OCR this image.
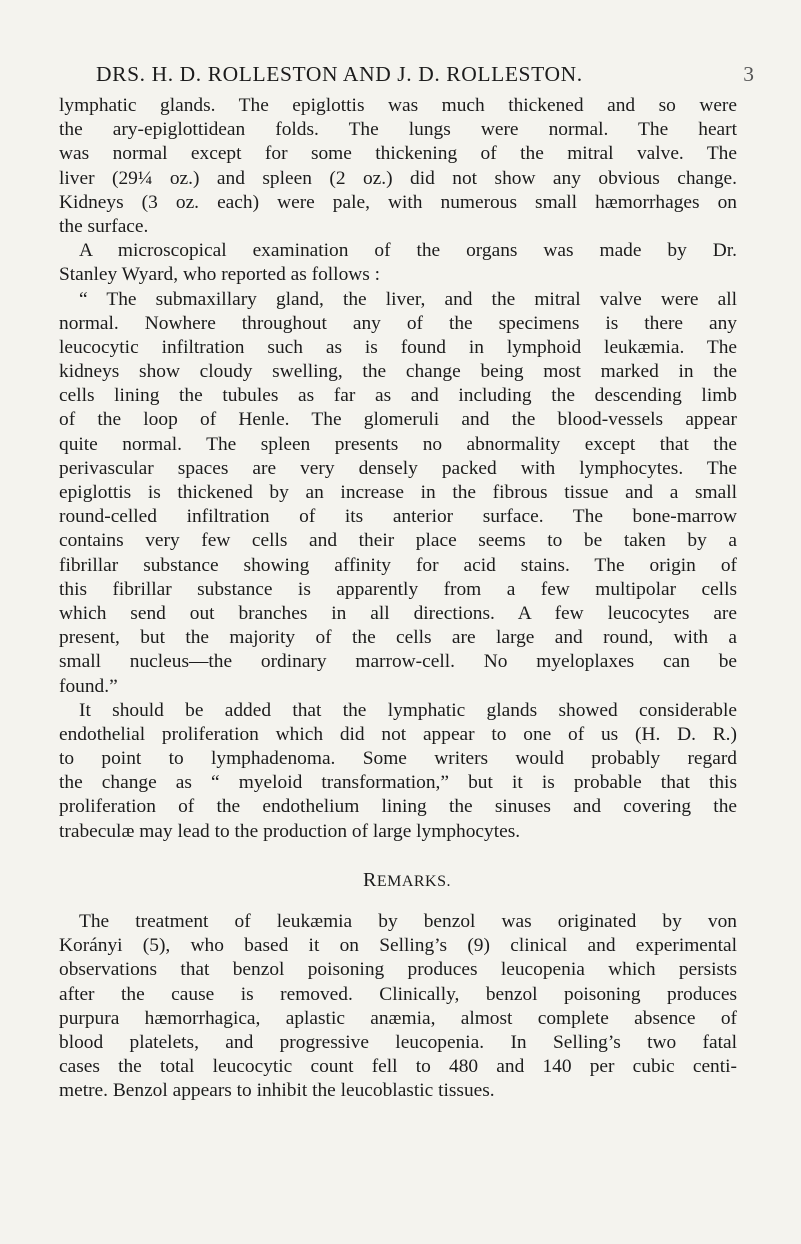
DRS. H. D. ROLLESTON AND J. D. ROLLESTON.	3
lymphatic glands. The epiglottis was much thickened and so were
the ary-epiglottidean folds. The lungs were normal. The heart
was normal except for some thickening of the mitral valve. The
liver (29¼ oz.) and spleen (2 oz.) did not show any obvious change.
Kidneys (3 oz. each) were pale, with numerous small hæmorrhages on
the surface.
A microscopical examination of the organs was made by Dr.
Stanley Wyard, who reported as follows :
“ The submaxillary gland, the liver, and the mitral valve were all
normal. Nowhere throughout any of the specimens is there any
leucocytic infiltration such as is found in lymphoid leukæmia. The
kidneys show cloudy swelling, the change being most marked in the
cells lining the tubules as far as and including the descending limb
of the loop of Henle. The glomeruli and the blood-vessels appear
quite normal. The spleen presents no abnormality except that the
perivascular spaces are very densely packed with lymphocytes. The
epiglottis is thickened by an increase in the fibrous tissue and a small
round-celled infiltration of its anterior surface. The bone-marrow
contains very few cells and their place seems to be taken by a
fibrillar substance showing affinity for acid stains. The origin of
this fibrillar substance is apparently from a few multipolar cells
which send out branches in all directions. A few leucocytes are
present, but the majority of the cells are large and round, with a
small nucleus—the ordinary marrow-cell. No myeloplaxes can be
found.”
It should be added that the lymphatic glands showed considerable
endothelial proliferation which did not appear to one of us (H. D. R.)
to point to lymphadenoma. Some writers would probably regard
the change as “ myeloid transformation,” but it is probable that this
proliferation of the endothelium lining the sinuses and covering the
trabeculæ may lead to the production of large lymphocytes.
REMARKS.
The treatment of leukæmia by benzol was originated by von
Korányi (5), who based it on Selling’s (9) clinical and experimental
observations that benzol poisoning produces leucopenia which persists
after the cause is removed. Clinically, benzol poisoning produces
purpura hæmorrhagica, aplastic anæmia, almost complete absence of
blood platelets, and progressive leucopenia. In Selling’s two fatal
cases the total leucocytic count fell to 480 and 140 per cubic centi-
metre. Benzol appears to inhibit the leucoblastic tissues.
